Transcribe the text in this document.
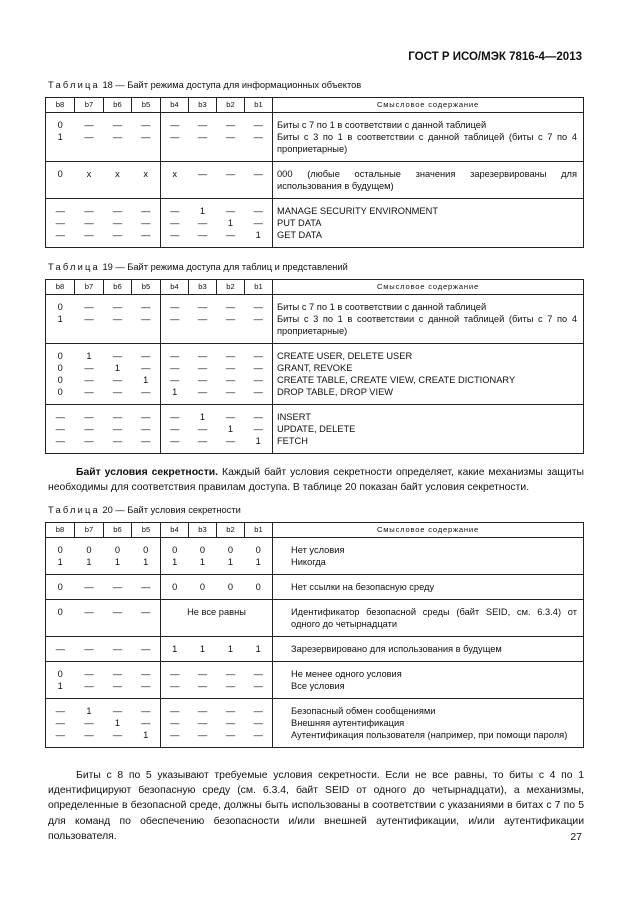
ГОСТ Р ИСО/МЭК 7816-4—2013
Таблица 18 — Байт режима доступа для информационных объектов
b8	b7	b6	b5	b4	b3	b2	b1	Смысловое содержание
0	—	—	—	—	—	—	—	Биты с 7 по 1 в соответствии с данной таблицей
1	—	—	—	—	—	—	—	Биты с 3 по 1 в соответствии с данной таблицей (биты с 7 по 4 проприетарные)
0	x	x	x	x	—	—	—	000 (любые остальные значения зарезервированы для использования в будущем)
—	—	—	—	—	1	—	—	MANAGE SECURITY ENVIRONMENT
—	—	—	—	—	—	1	—	PUT DATA
—	—	—	—	—	—	—	1	GET DATA
Таблица 19 — Байт режима доступа для таблиц и представлений
b8	b7	b6	b5	b4	b3	b2	b1	Смысловое содержание
0	—	—	—	—	—	—	—	Биты с 7 по 1 в соответствии с данной таблицей
1	—	—	—	—	—	—	—	Биты с 3 по 1 в соответствии с данной таблицей (биты с 7 по 4 проприетарные)
0	1	—	—	—	—	—	—	CREATE USER, DELETE USER
0	—	1	—	—	—	—	—	GRANT, REVOKE
0	—	—	1	—	—	—	—	CREATE TABLE, CREATE VIEW, CREATE DICTIONARY
0	—	—	—	1	—	—	—	DROP TABLE, DROP VIEW
—	—	—	—	—	1	—	—	INSERT
—	—	—	—	—	—	1	—	UPDATE, DELETE
—	—	—	—	—	—	—	1	FETCH
Байт условия секретности. Каждый байт условия секретности определяет, какие механизмы защиты необходимы для соответствия правилам доступа. В таблице 20 показан байт условия секретности.
Таблица 20 — Байт условия секретности
b8	b7	b6	b5	b4	b3	b2	b1	Смысловое содержание
0	0	0	0	0	0	0	0	Нет условия
1	1	1	1	1	1	1	1	Никогда
0	—	—	—	0	0	0	0	Нет ссылки на безопасную среду
0	—	—	—	Не все равны				Идентификатор безопасной среды (байт SEID, см. 6.3.4) от одного до четырнадцати
—	—	—	—	1	1	1	1	Зарезервировано для использования в будущем
0	—	—	—	—	—	—	—	Не менее одного условия
1	—	—	—	—	—	—	—	Все условия
—	1	—	—	—	—	—	—	Безопасный обмен сообщениями
—	—	1	—	—	—	—	—	Внешняя аутентификация
—	—	—	1	—	—	—	—	Аутентификация пользователя (например, при помощи пароля)
Биты с 8 по 5 указывают требуемые условия секретности. Если не все равны, то биты с 4 по 1 идентифицируют безопасную среду (см. 6.3.4, байт SEID от одного до четырнадцати), а механизмы, определенные в безопасной среде, должны быть использованы в соответствии с указаниями в битах с 7 по 5 для команд по обеспечению безопасности и/или внешней аутентификации, и/или аутентификации пользователя.	27
